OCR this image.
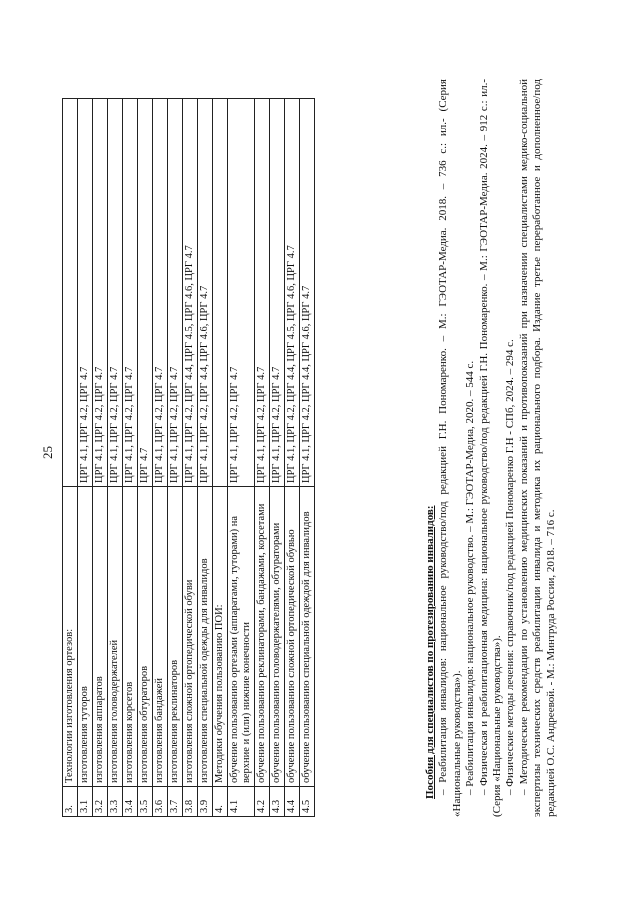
25
3.	Технологии изготовления ортезов:	
3.1	изготовления туторов	ЦРГ 4.1, ЦРГ 4.2, ЦРГ 4.7
3.2	изготовления аппаратов	ЦРГ 4.1, ЦРГ 4.2, ЦРГ 4.7
3.3	изготовления головодержателей	ЦРГ 4.1, ЦРГ 4.2, ЦРГ 4.7
3.4	изготовления корсетов	ЦРГ 4.1, ЦРГ 4.2, ЦРГ 4.7
3.5	изготовления обтураторов	ЦРГ 4.7
3.6	изготовления бандажей	ЦРГ 4.1, ЦРГ 4.2, ЦРГ 4.7
3.7	изготовления реклинаторов	ЦРГ 4.1, ЦРГ 4.2, ЦРГ 4.7
3.8	изготовления сложной ортопедической обуви	ЦРГ 4.1, ЦРГ 4.2, ЦРГ 4.4, ЦРГ 4.5, ЦРГ 4.6, ЦРГ 4.7
3.9	изготовления специальной одежды для инвалидов	ЦРГ 4.1, ЦРГ 4.2, ЦРГ 4.4, ЦРГ 4.6, ЦРГ 4.7
4.	Методики обучения пользованию ПОИ:	
4.1	обучение пользованию ортезами (аппаратами, туторами) на верхние и (или) нижние конечности	ЦРГ 4.1, ЦРГ 4.2, ЦРГ 4.7
4.2	обучение пользованию реклинаторами, бандажами, корсетами	ЦРГ 4.1, ЦРГ 4.2, ЦРГ 4.7
4.3	обучение пользованию головодержателями, обтураторами	ЦРГ 4.1, ЦРГ 4.2, ЦРГ 4.7
4.4	обучение пользованию сложной ортопедической обувью	ЦРГ 4.1, ЦРГ 4.2, ЦРГ 4.4, ЦРГ 4.5, ЦРГ 4.6, ЦРГ 4.7
4.5	обучение пользованию специальной одеждой для инвалидов	ЦРГ 4.1, ЦРГ 4.2, ЦРГ 4.4, ЦРГ 4.6, ЦРГ 4.7

Пособия для специалистов по протезированию инвалидов: – Реабилитация инвалидов: национальное руководство/под редакцией Г.Н. Пономаренко. – М.: ГЭОТАР-Медиа. 2018. – 736 с.: ил.- (Серия «Национальные руководства»). – Реабилитация инвалидов: национальное руководство. – М.: ГЭОТАР-Медиа, 2020. – 544 с. – Физическая и реабилитационная медицина: национальное руководство/под редакцией Г.Н. Пономаренко. – М.: ГЭОТАР-Медиа. 2024. – 912 с.: ил.- (Серия «Национальные руководства»). – Физические методы лечения: справочник/под редакцией Пономаренко Г.Н - СПб, 2024. – 294 с. – Методические рекомендации по установлению медицинских показаний и противопоказаний при назначении специалистами медико-социальной экспертизы технических средств реабилитации инвалида и методика их рационального подбора. Издание третье переработанное и дополненное/под редакцией О.С. Андреевой. - М.: Минтруда России, 2018. – 716 с.
